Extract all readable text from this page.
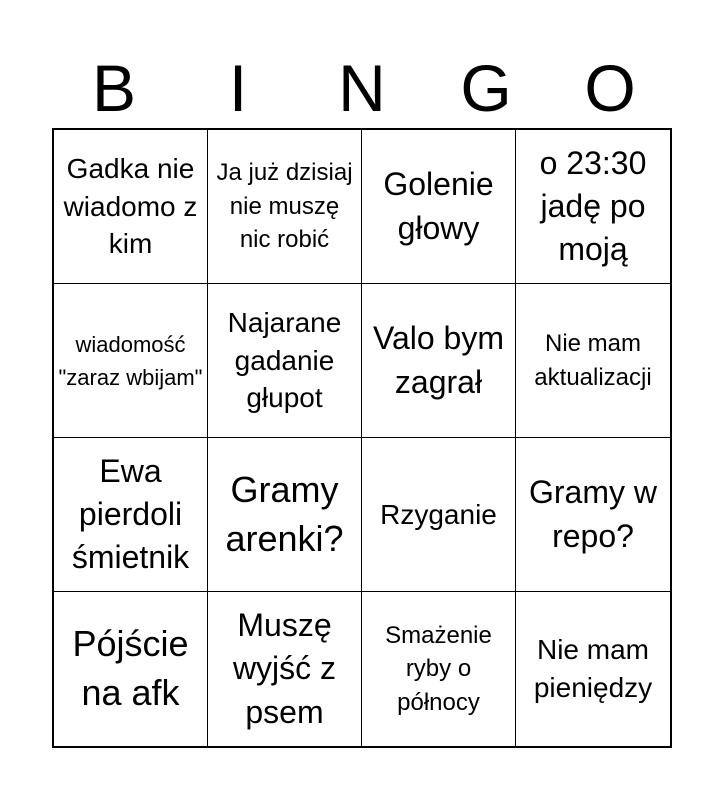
B	I	N	G	O
Gadka nie wiadomo z kim
Ja już dzisiaj nie muszę nic robić
Golenie głowy
o 23:30 jadę po moją
wiadomość "zaraz wbijam"
Najarane gadanie głupot
Valo bym zagrał
Nie mam aktualizacji
Ewa pierdoli śmietnik
Gramy arenki?
Rzyganie
Gramy w repo?
Pójście na afk
Muszę wyjść z psem
Smażenie ryby o północy
Nie mam pieniędzy
